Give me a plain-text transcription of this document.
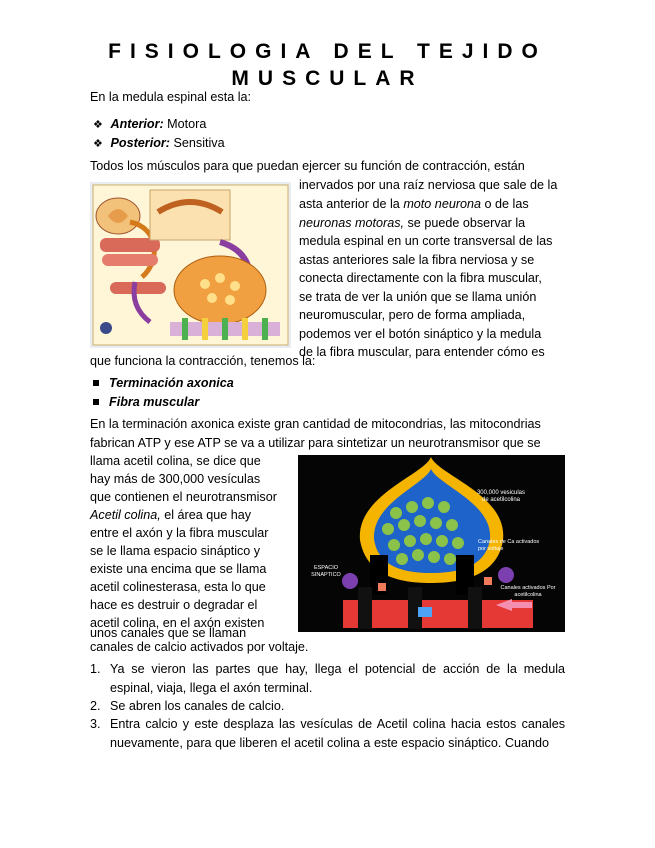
FISIOLOGIA DEL TEJIDO
MUSCULAR

En la medula espinal esta la:

❖ Anterior: Motora
❖ Posterior: Sensitiva

Todos los músculos para que puedan ejercer su función de contracción, están

inervados por una raíz nerviosa que sale de la
asta anterior de la moto neurona o de las
neuronas motoras, se puede observar la
medula espinal en un corte transversal de las
astas anteriores sale la fibra nerviosa y se
conecta directamente con la fibra muscular,
se trata de ver la unión que se llama unión
neuromuscular, pero de forma ampliada,
podemos ver el botón sináptico y la medula
de la fibra muscular, para entender cómo es
que funciona la contracción, tenemos la:
Terminación axonica
Fibra muscular

En la terminación axonica existe gran cantidad de mitocondrias, las mitocondrias

fabrican ATP y ese ATP se va a utilizar para sintetizar un neurotransmisor que se

llama acetil colina, se dice que
hay más de 300,000 vesículas
que contienen el neurotransmisor
Acetil colina, el área que hay
entre el axón y la fibra muscular
se le llama espacio sináptico y
existe una encima que se llama
acetil colinesterasa, esta lo que
hace es destruir o degradar el
acetil colina, en el axón existen
unos canales que se llaman
canales de calcio activados por voltaje.
300,000 vesiculas de acetilcolina
Canales de Ca activados por voltaje
ESPACIO SINAPTICO
Canales activados Por acetilcolina
1. Ya se vieron las partes que hay, llega el potencial de acción de la medula espinal, viaja, llega el axón terminal.
2. Se abren los canales de calcio.
3. Entra calcio y este desplaza las vesículas de Acetil colina hacia estos canales nuevamente, para que liberen el acetil colina a este espacio sináptico. Cuando
